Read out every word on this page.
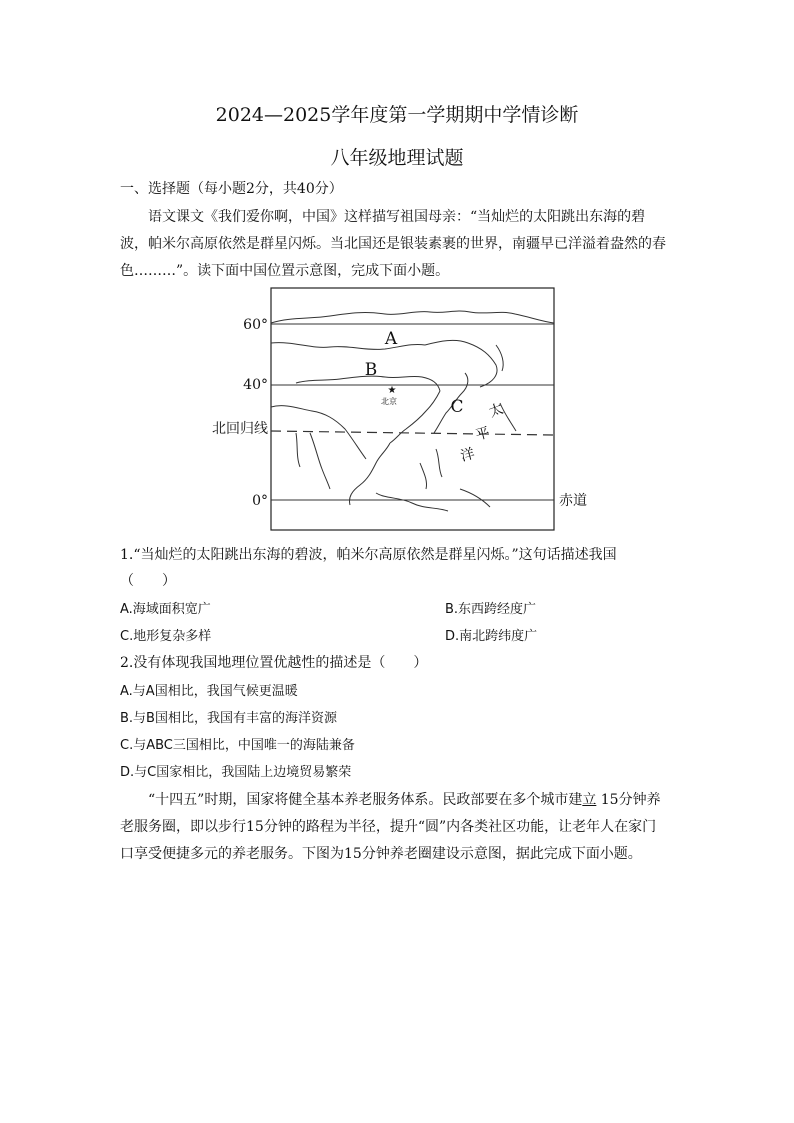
2024—2025学年度第一学期期中学情诊断
八年级地理试题
一、选择题（每小题2分，共40分）
语文课文《我们爱你啊，中国》这样描写祖国母亲：“当灿烂的太阳跳出东海的碧
波，帕米尔高原依然是群星闪烁。当北国还是银装素裹的世界，南疆早已洋溢着盎然的春
色………”。读下面中国位置示意图，完成下面小题。
★
北京
A
B
C 太
平
洋
60°
40°
北回归线
0°	赤道
1.“当灿烂的太阳跳出东海的碧波，帕米尔高原依然是群星闪烁。”这句话描述我国
（　　）
A.海域面积宽广	B.东西跨经度广
C.地形复杂多样	D.南北跨纬度广
2.没有体现我国地理位置优越性的描述是（　　）
A.与A国相比，我国气候更温暖
B.与B国相比，我国有丰富的海洋资源
C.与ABC三国相比，中国唯一的海陆兼备
D.与C国家相比，我国陆上边境贸易繁荣
“十四五”时期，国家将健全基本养老服务体系。民政部要在多个城市建立 15分钟养
老服务圈，即以步行15分钟的路程为半径，提升“圆”内各类社区功能，让老年人在家门
口享受便捷多元的养老服务。下图为15分钟养老圈建设示意图，据此完成下面小题。
